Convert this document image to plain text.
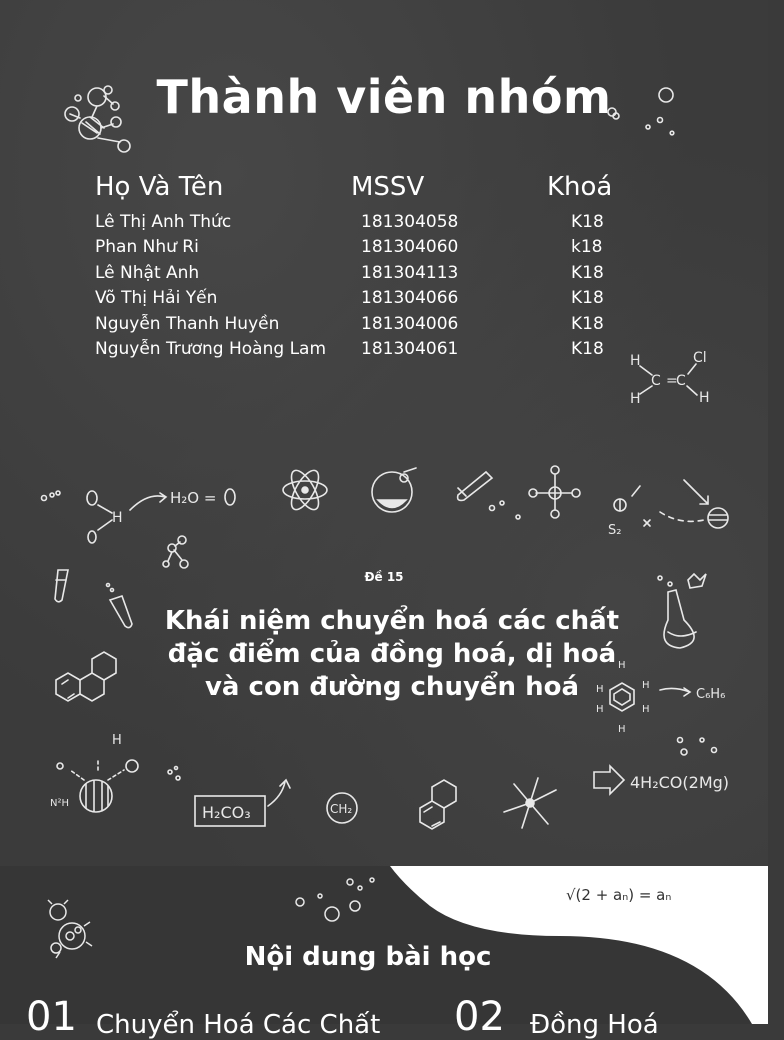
Thành viên nhóm
Họ Và Tên	MSSV	Khoá
Lê Thị Anh Thức	181304058	K18
Phan Như Ri	181304060	k18
Lê Nhật Anh	181304113	K18
Võ Thị Hải Yến	181304066	K18
Nguyễn Thanh Huyền	181304006	K18
Nguyễn Trương Hoàng Lam 181304061	K18
Đề 15
Khái niệm chuyển hoá các chất
đặc điểm của đồng hoá, dị hoá
và con đường chuyển hoá
H	Cl
C C
=
H	H
H
H₂O =
S₂
H
H	H
H	H
H
C₆H₆
H
N²H	H₂CO₃	CH₂
4H₂CO(2Mg)
√(2 + aₙ) = aₙ
Nội dung bài học
01 Chuyển Hoá Các Chất 02 Đồng Hoá
